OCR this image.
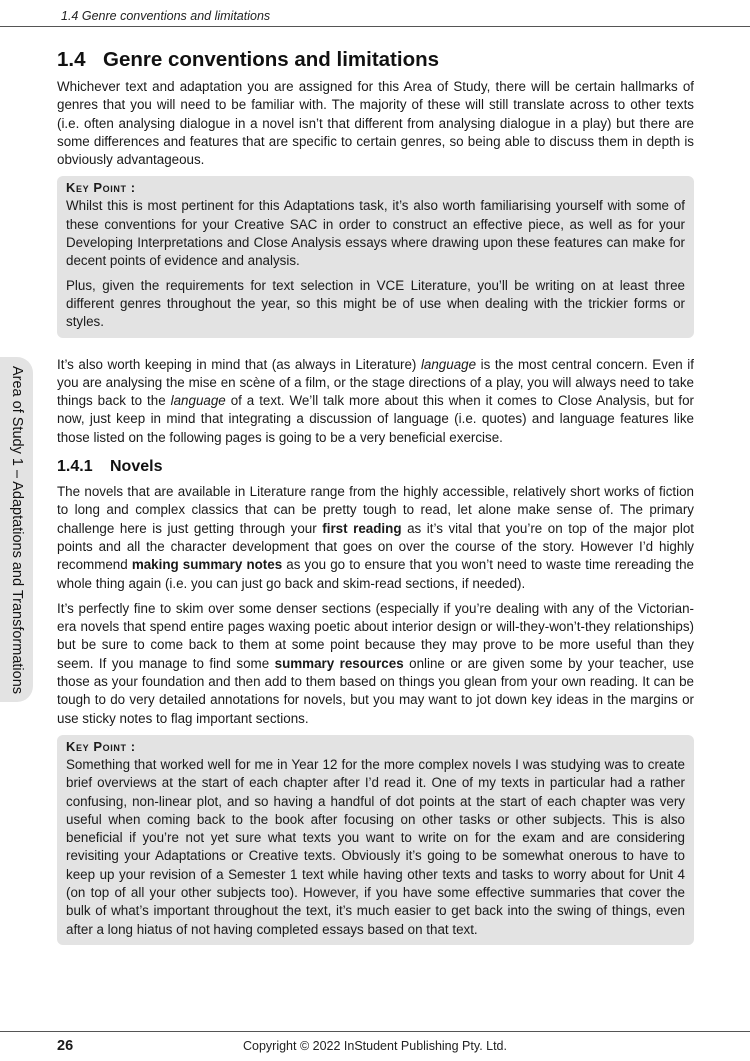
1.4 Genre conventions and limitations
Area of Study 1 – Adaptations and Transformations
1.4 Genre conventions and limitations

Whichever text and adaptation you are assigned for this Area of Study, there will be certain hallmarks of genres that you will need to be familiar with. The majority of these will still translate across to other texts (i.e. often analysing dialogue in a novel isn’t that different from analysing dialogue in a play) but there are some differences and features that are specific to certain genres, so being able to discuss them in depth is obviously advantageous.

Key Point :

Whilst this is most pertinent for this Adaptations task, it’s also worth familiarising yourself with some of these conventions for your Creative SAC in order to construct an effective piece, as well as for your Developing Interpretations and Close Analysis essays where drawing upon these features can make for decent points of evidence and analysis.

Plus, given the requirements for text selection in VCE Literature, you’ll be writing on at least three different genres throughout the year, so this might be of use when dealing with the trickier forms or styles.

It’s also worth keeping in mind that (as always in Literature) language is the most central concern. Even if you are analysing the mise en scène of a film, or the stage directions of a play, you will always need to take things back to the language of a text. We’ll talk more about this when it comes to Close Analysis, but for now, just keep in mind that integrating a discussion of language (i.e. quotes) and language features like those listed on the following pages is going to be a very beneficial exercise.

1.4.1 Novels

The novels that are available in Literature range from the highly accessible, relatively short works of fiction to long and complex classics that can be pretty tough to read, let alone make sense of. The primary challenge here is just getting through your first reading as it’s vital that you’re on top of the major plot points and all the character development that goes on over the course of the story. However I’d highly recommend making summary notes as you go to ensure that you won’t need to waste time rereading the whole thing again (i.e. you can just go back and skim-read sections, if needed).

It’s perfectly fine to skim over some denser sections (especially if you’re dealing with any of the Victorian-era novels that spend entire pages waxing poetic about interior design or will-they-won’t-they relationships) but be sure to come back to them at some point because they may prove to be more useful than they seem. If you manage to find some summary resources online or are given some by your teacher, use those as your foundation and then add to them based on things you glean from your own reading. It can be tough to do very detailed annotations for novels, but you may want to jot down key ideas in the margins or use sticky notes to flag important sections.

Key Point :

Something that worked well for me in Year 12 for the more complex novels I was studying was to create brief overviews at the start of each chapter after I’d read it. One of my texts in particular had a rather confusing, non-linear plot, and so having a handful of dot points at the start of each chapter was very useful when coming back to the book after focusing on other tasks or other subjects. This is also beneficial if you’re not yet sure what texts you want to write on for the exam and are considering revisiting your Adaptations or Creative texts. Obviously it’s going to be somewhat onerous to have to keep up your revision of a Semester 1 text while having other texts and tasks to worry about for Unit 4 (on top of all your other subjects too). However, if you have some effective summaries that cover the bulk of what’s important throughout the text, it’s much easier to get back into the swing of things, even after a long hiatus of not having completed essays based on that text.

26	Copyright © 2022 InStudent Publishing Pty. Ltd.
